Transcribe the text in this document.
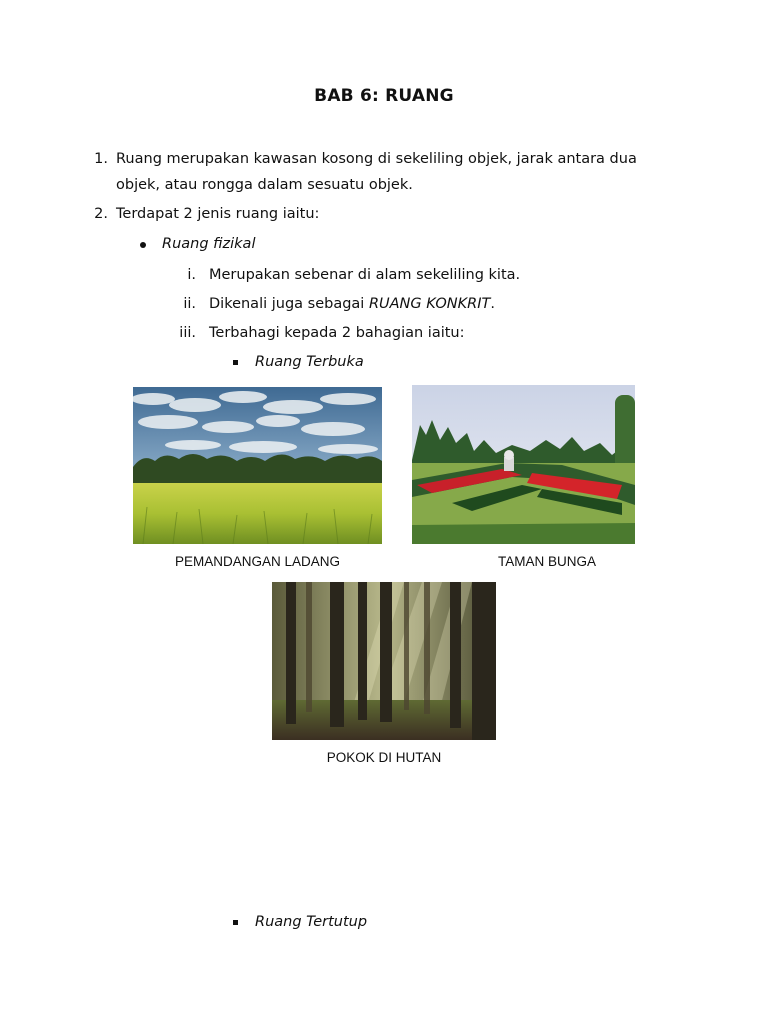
BAB 6: RUANG
1. Ruang merupakan kawasan kosong di sekeliling objek, jarak antara dua
objek, atau rongga dalam sesuatu objek.
2. Terdapat 2 jenis ruang iaitu:
Ruang fizikal
i. Merupakan sebenar di alam sekeliling kita.
ii. Dikenali juga sebagai RUANG KONKRIT.
iii. Terbahagi kepada 2 bahagian iaitu:
Ruang Terbuka
PEMANDANGAN LADANG	TAMAN BUNGA
POKOK DI HUTAN
Ruang Tertutup
